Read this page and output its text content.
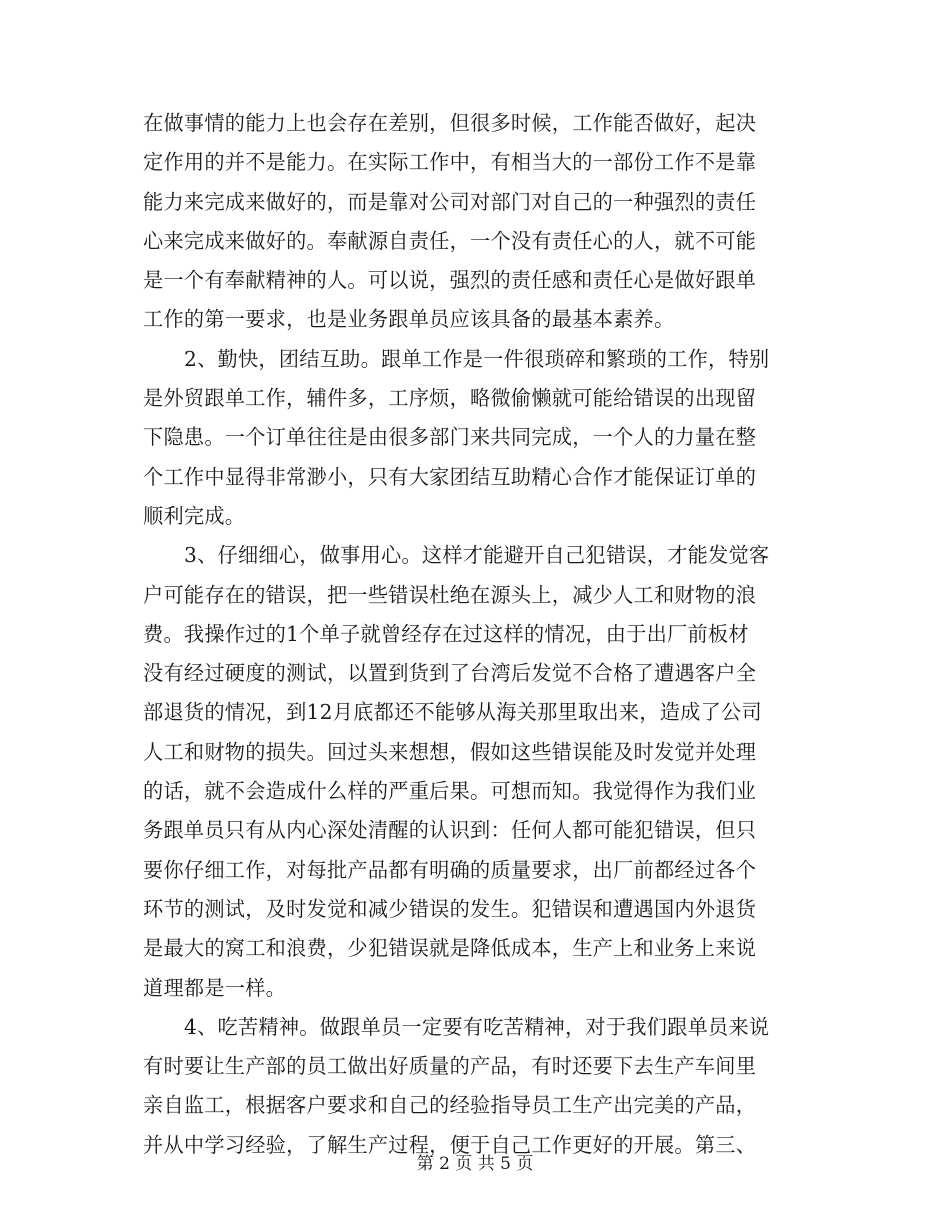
在做事情的能力上也会存在差别，但很多时候，工作能否做好，起决
定作用的并不是能力。在实际工作中，有相当大的一部份工作不是靠
能力来完成来做好的，而是靠对公司对部门对自己的一种强烈的责任
心来完成来做好的。奉献源自责任，一个没有责任心的人，就不可能
是一个有奉献精神的人。可以说，强烈的责任感和责任心是做好跟单
工作的第一要求，也是业务跟单员应该具备的最基本素养。
2、勤快，团结互助。跟单工作是一件很琐碎和繁琐的工作，特别
是外贸跟单工作，辅件多，工序烦，略微偷懒就可能给错误的出现留
下隐患。一个订单往往是由很多部门来共同完成，一个人的力量在整
个工作中显得非常渺小，只有大家团结互助精心合作才能保证订单的
顺利完成。
3、仔细细心，做事用心。这样才能避开自己犯错误，才能发觉客
户可能存在的错误，把一些错误杜绝在源头上，减少人工和财物的浪
费。我操作过的1个单子就曾经存在过这样的情况，由于出厂前板材
没有经过硬度的测试，以置到货到了台湾后发觉不合格了遭遇客户全
部退货的情况，到12月底都还不能够从海关那里取出来，造成了公司
人工和财物的损失。回过头来想想，假如这些错误能及时发觉并处理
的话，就不会造成什么样的严重后果。可想而知。我觉得作为我们业
务跟单员只有从内心深处清醒的认识到：任何人都可能犯错误，但只
要你仔细工作，对每批产品都有明确的质量要求，出厂前都经过各个
环节的测试，及时发觉和减少错误的发生。犯错误和遭遇国内外退货
是最大的窝工和浪费，少犯错误就是降低成本，生产上和业务上来说
道理都是一样。
4、吃苦精神。做跟单员一定要有吃苦精神，对于我们跟单员来说
有时要让生产部的员工做出好质量的产品，有时还要下去生产车间里
亲自监工，根据客户要求和自己的经验指导员工生产出完美的产品，
并从中学习经验，了解生产过程，便于自己工作更好的开展。第三、
第 2 页 共 5 页
